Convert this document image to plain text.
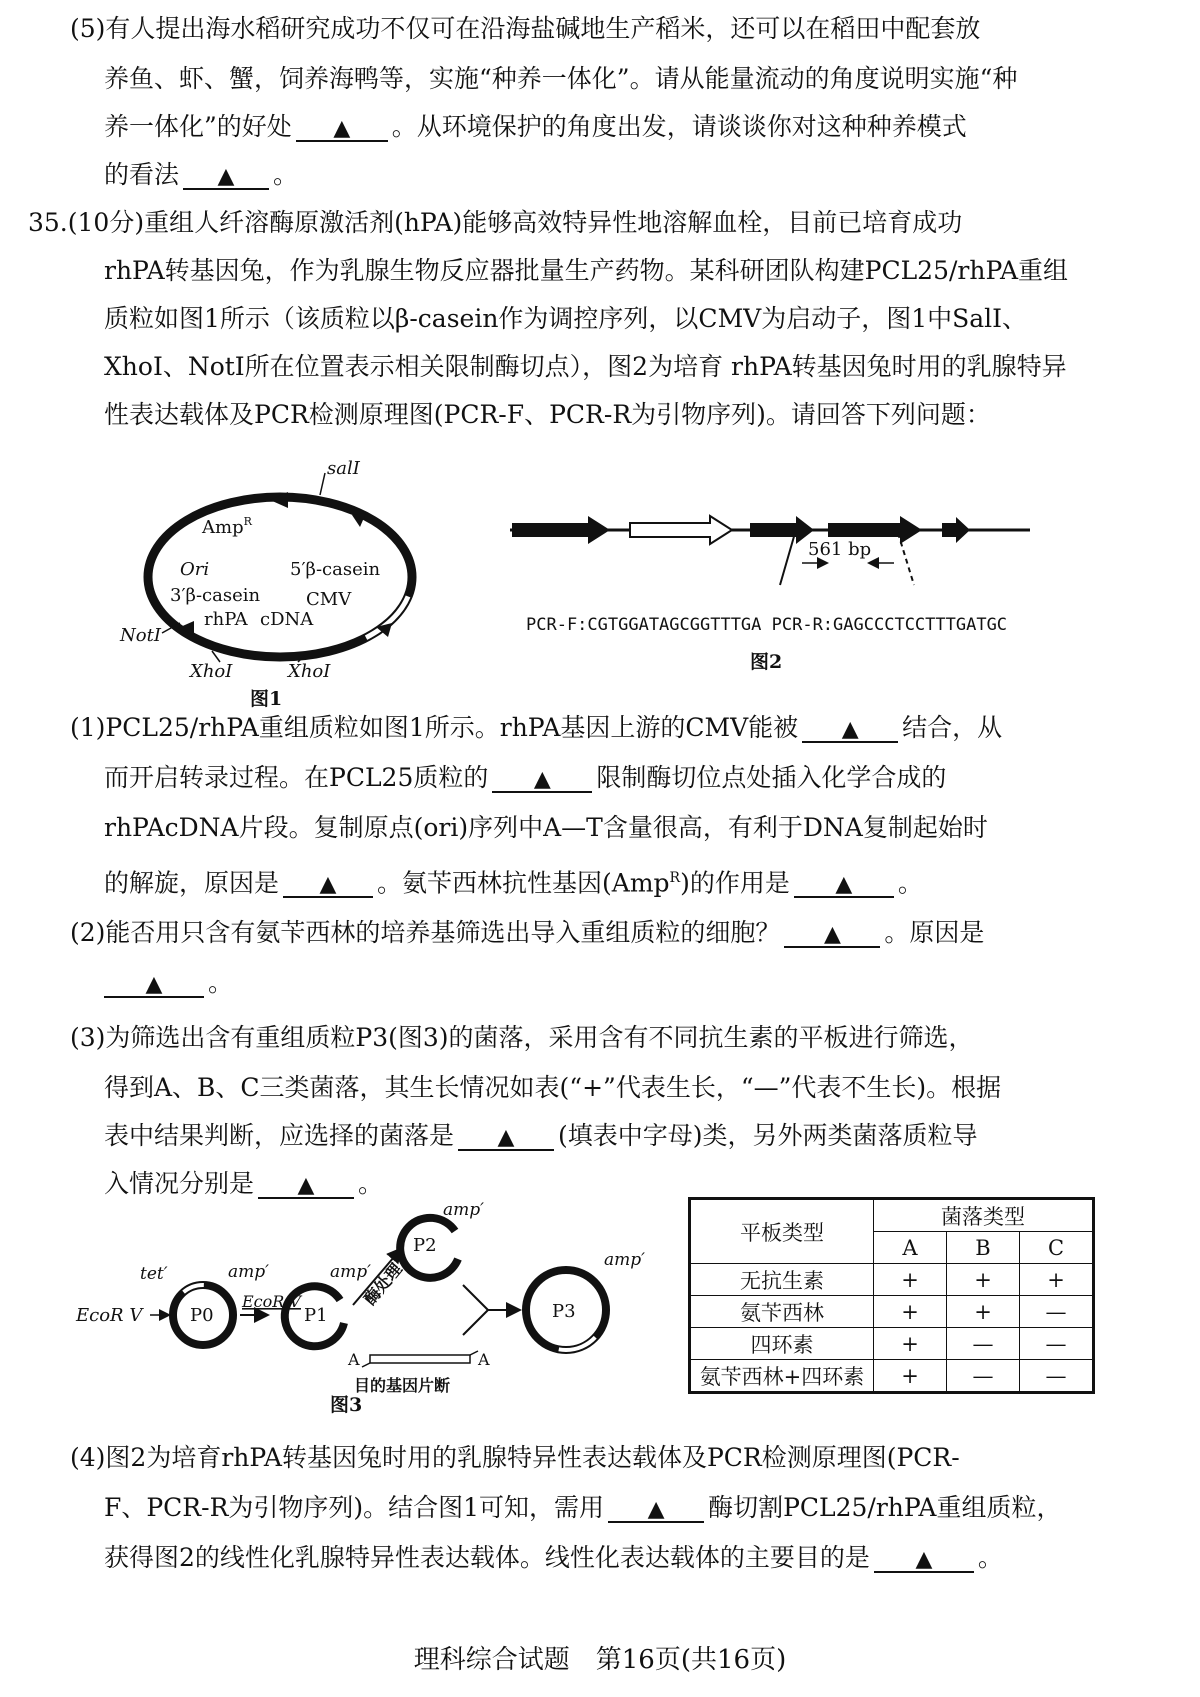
(5)有人提出海水稻研究成功不仅可在沿海盐碱地生产稻米，还可以在稻田中配套放
养鱼、虾、蟹，饲养海鸭等，实施“种养一体化”。请从能量流动的角度说明实施“种
养一体化”的好处 ▲ 。从环境保护的角度出发，请谈谈你对这种种养模式
的看法 ▲ 。
35.(10分)重组人纤溶酶原激活剂(hPA)能够高效特异性地溶解血栓，目前已培育成功
rhPA转基因兔，作为乳腺生物反应器批量生产药物。某科研团队构建PCL25/rhPA重组
质粒如图1所示（该质粒以β-casein作为调控序列，以CMV为启动子，图1中SalI、
XhoI、NotI所在位置表示相关限制酶切点），图2为培育 rhPA转基因兔时用的乳腺特异
性表达载体及PCR检测原理图(PCR-F、PCR-R为引物序列)。请回答下列问题：
salI
Amp$^R$
Ori	5′β-casein
3′β-casein	CMV
rhPA cDNA
NotI
XhoI	XhoI
图1
561 bp
PCR-F:CGTGGATAGCGGTTTGA PCR-R:GAGCCCTCCTTTGATGC
图2
(1)PCL25/rhPA重组质粒如图1所示。rhPA基因上游的CMV能被 ▲ 结合，从
而开启转录过程。在PCL25质粒的 ▲ 限制酶切位点处插入化学合成的
rhPAcDNA片段。复制原点(ori)序列中A—T含量很高，有利于DNA复制起始时
的解旋，原因是 ▲ 。氨苄西林抗性基因(Amp$^R$)的作用是 ▲ 。
(2)能否用只含有氨苄西林的培养基筛选出导入重组质粒的细胞？ ▲ 。原因是
▲ 。
(3)为筛选出含有重组质粒P3(图3)的菌落，采用含有不同抗生素的平板进行筛选，
得到A、B、C三类菌落，其生长情况如表(“+”代表生长，“—”代表不生长)。根据
表中结果判断，应选择的菌落是 ▲ (填表中字母)类，另外两类菌落质粒导
入情况分别是 ▲ 。
P0
tet′	amp′
EcoR V
EcoR V
P1
amp′
酶处理
P2
amp′
A	A
目的基因片断
P3
amp′
图3
平板类型	菌落类型		
	A	B	C
无抗生素	+	+	+
氨苄西林	+	+	—
四环素	+	—	—
氨苄西林+四环素	+	—	—
(4)图2为培育rhPA转基因兔时用的乳腺特异性表达载体及PCR检测原理图(PCR-
F、PCR-R为引物序列)。结合图1可知，需用 ▲ 酶切割PCL25/rhPA重组质粒，
获得图2的线性化乳腺特异性表达载体。线性化表达载体的主要目的是 ▲ 。
理科综合试题　第16页(共16页)
